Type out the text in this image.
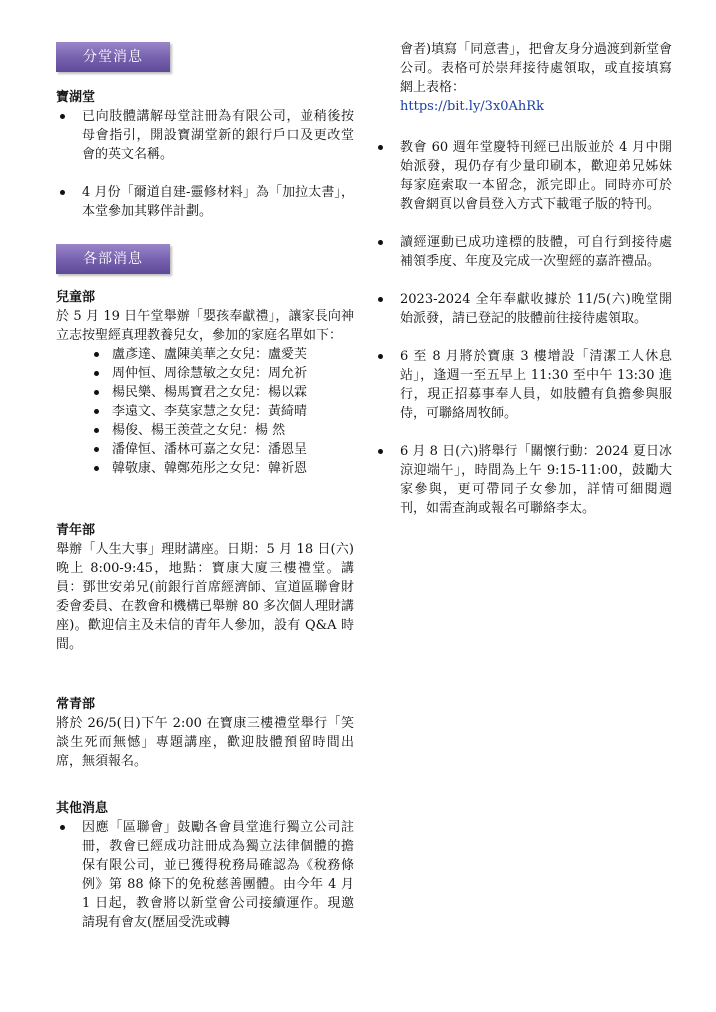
分堂消息
寶湖堂
已向肢體講解母堂註冊為有限公司，並稍後按母會指引，開設寶湖堂新的銀行戶口及更改堂會的英文名稱。
4 月份「爾道自建-靈修材料」為「加拉太書」，本堂參加其夥伴計劃。
各部消息
兒童部
於 5 月 19 日午堂舉辦「嬰孩奉獻禮」，讓家長向神立志按聖經真理教養兒女，參加的家庭名單如下：
盧彥達、盧陳美華之女兒：盧愛芙
周仲恒、周徐慧敏之女兒：周允祈
楊民樂、楊馬寶君之女兒：楊以霖
李遠文、李莫家慧之女兒：黃綺晴
楊俊、楊王羡萱之女兒：楊 然
潘偉恒、潘林可嘉之女兒：潘恩呈
韓敬康、韓鄭苑彤之女兒：韓祈恩
青年部
舉辦「人生大事」理財講座。日期：5 月 18 日(六)晚上 8:00-9:45，地點：寶康大廈三樓禮堂。講員：鄧世安弟兄(前銀行首席經濟師、宣道區聯會財委會委員、在教會和機構已舉辦 80 多次個人理財講座)。歡迎信主及未信的青年人參加，設有 Q&A 時間。
常青部
將於 26/5(日)下午 2:00 在寶康三樓禮堂舉行「笑談生死而無憾」專題講座，歡迎肢體預留時間出席，無須報名。
其他消息
因應「區聯會」鼓勵各會員堂進行獨立公司註冊，教會已經成功註冊成為獨立法律個體的擔保有限公司，並已獲得稅務局確認為《稅務條例》第 88 條下的免稅慈善團體。由今年 4 月 1 日起，教會將以新堂會公司接續運作。現邀請現有會友(歷屆受洗或轉
會者)填寫「同意書」，把會友身分過渡到新堂會公司。表格可於崇拜接待處領取，或直接填寫網上表格：
https://bit.ly/3x0AhRk
教會 60 週年堂慶特刊經已出版並於 4 月中開始派發，現仍存有少量印刷本，歡迎弟兄姊妹每家庭索取一本留念，派完即止。同時亦可於教會網頁以會員登入方式下載電子版的特刊。
讀經運動已成功達標的肢體，可自行到接待處補領季度、年度及完成一次聖經的嘉許禮品。
2023-2024 全年奉獻收據於 11/5(六)晚堂開始派發，請已登記的肢體前往接待處領取。
6 至 8 月將於寶康 3 樓增設「清潔工人休息站」，逢週一至五早上 11:30 至中午 13:30 進行，現正招募事奉人員，如肢體有負擔參與服侍，可聯絡周牧師。
6 月 8 日(六)將舉行「關懷行動：2024 夏日冰涼迎端午」，時間為上午 9:15-11:00，鼓勵大家參與，更可帶同子女參加，詳情可細閱週刊，如需查詢或報名可聯絡李太。
